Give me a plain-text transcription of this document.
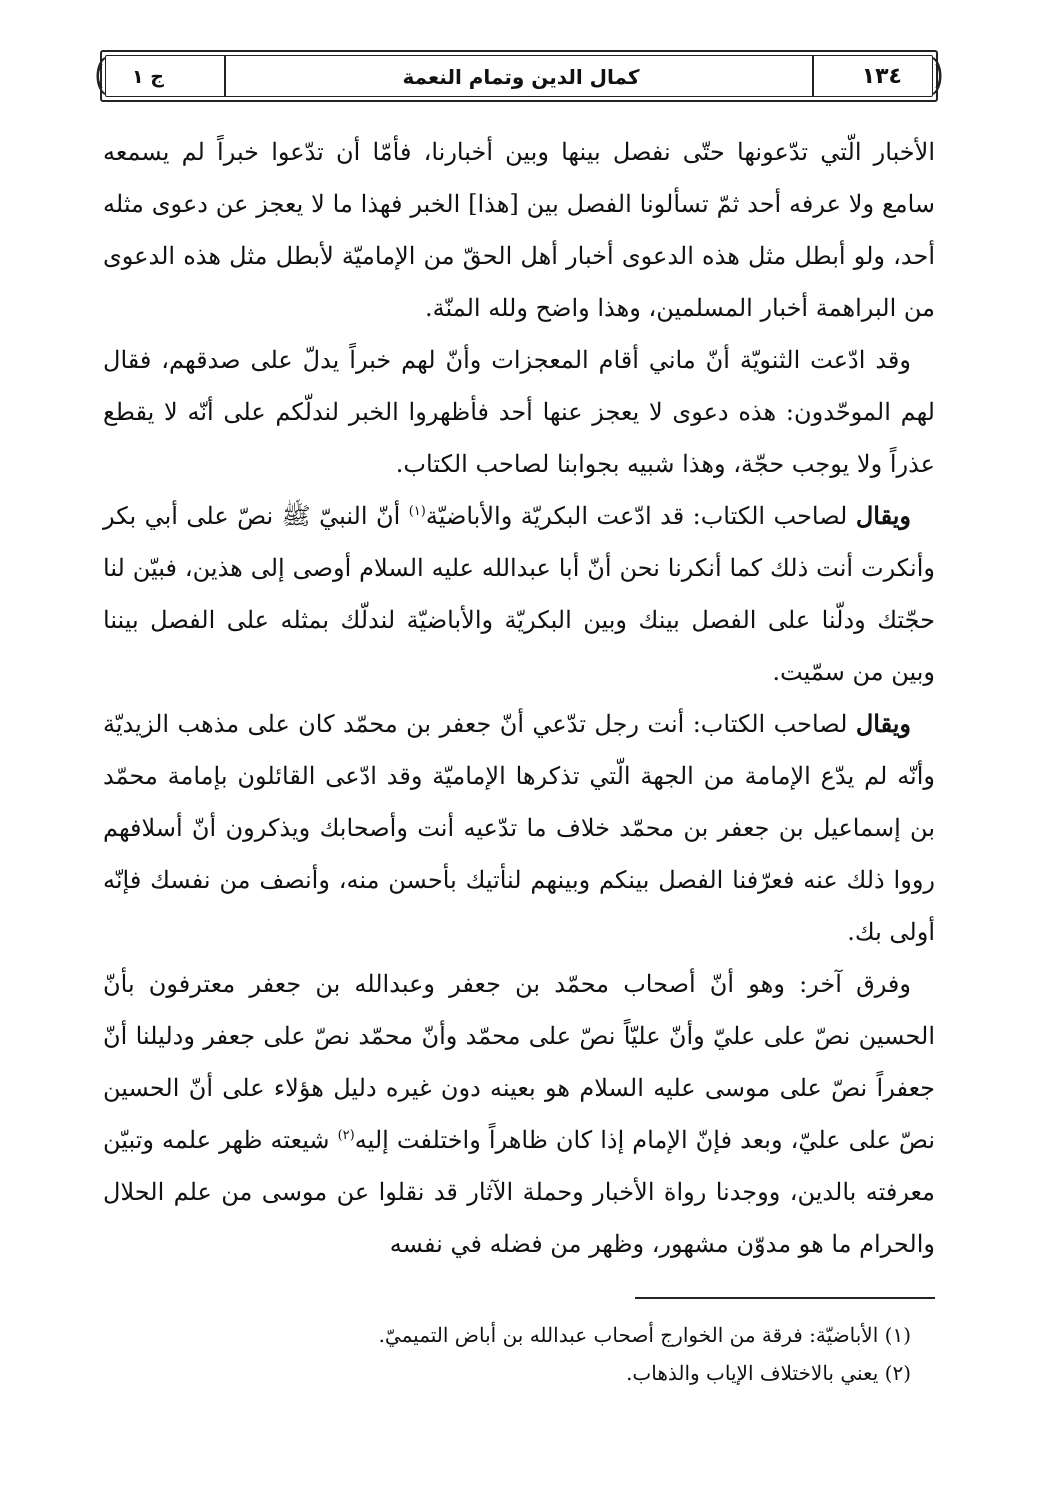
١٣٤
كمال الدين وتمام النعمة
ج ١

الأخبار الّتي تدّعونها حتّى نفصل بينها وبين أخبارنا، فأمّا أن تدّعوا خبراً لم يسمعه سامع ولا عرفه أحد ثمّ تسألونا الفصل بين [هذا] الخبر فهذا ما لا يعجز عن دعوى مثله أحد، ولو أبطل مثل هذه الدعوى أخبار أهل الحقّ من الإماميّة لأبطل مثل هذه الدعوى من البراهمة أخبار المسلمين، وهذا واضح ولله المنّة.

وقد ادّعت الثنويّة أنّ ماني أقام المعجزات وأنّ لهم خبراً يدلّ على صدقهم، فقال لهم الموحّدون: هذه دعوى لا يعجز عنها أحد فأظهروا الخبر لندلّكم على أنّه لا يقطع عذراً ولا يوجب حجّة، وهذا شبيه بجوابنا لصاحب الكتاب.

ويقال لصاحب الكتاب: قد ادّعت البكريّة والأباضيّة$^{(١)}$ أنّ النبيّ ﷺ نصّ على أبي بكر وأنكرت أنت ذلك كما أنكرنا نحن أنّ أبا عبدالله عليه السلام أوصى إلى هذين، فبيّن لنا حجّتك ودلّنا على الفصل بينك وبين البكريّة والأباضيّة لندلّك بمثله على الفصل بيننا وبين من سمّيت.

ويقال لصاحب الكتاب: أنت رجل تدّعي أنّ جعفر بن محمّد كان على مذهب الزيديّة وأنّه لم يدّع الإمامة من الجهة الّتي تذكرها الإماميّة وقد ادّعى القائلون بإمامة محمّد بن إسماعيل بن جعفر بن محمّد خلاف ما تدّعيه أنت وأصحابك ويذكرون أنّ أسلافهم رووا ذلك عنه فعرّفنا الفصل بينكم وبينهم لنأتيك بأحسن منه، وأنصف من نفسك فإنّه أولى بك.

وفرق آخر: وهو أنّ أصحاب محمّد بن جعفر وعبدالله بن جعفر معترفون بأنّ الحسين نصّ على عليّ وأنّ عليّاً نصّ على محمّد وأنّ محمّد نصّ على جعفر ودليلنا أنّ جعفراً نصّ على موسى عليه السلام هو بعينه دون غيره دليل هؤلاء على أنّ الحسين نصّ على عليّ، وبعد فإنّ الإمام إذا كان ظاهراً واختلفت إليه$^{(٢)}$ شيعته ظهر علمه وتبيّن معرفته بالدين، ووجدنا رواة الأخبار وحملة الآثار قد نقلوا عن موسى من علم الحلال والحرام ما هو مدوّن مشهور، وظهر من فضله في نفسه

(١) الأباضيّة: فرقة من الخوارج أصحاب عبدالله بن أباض التميميّ.
(٢) يعني بالاختلاف الإياب والذهاب.
